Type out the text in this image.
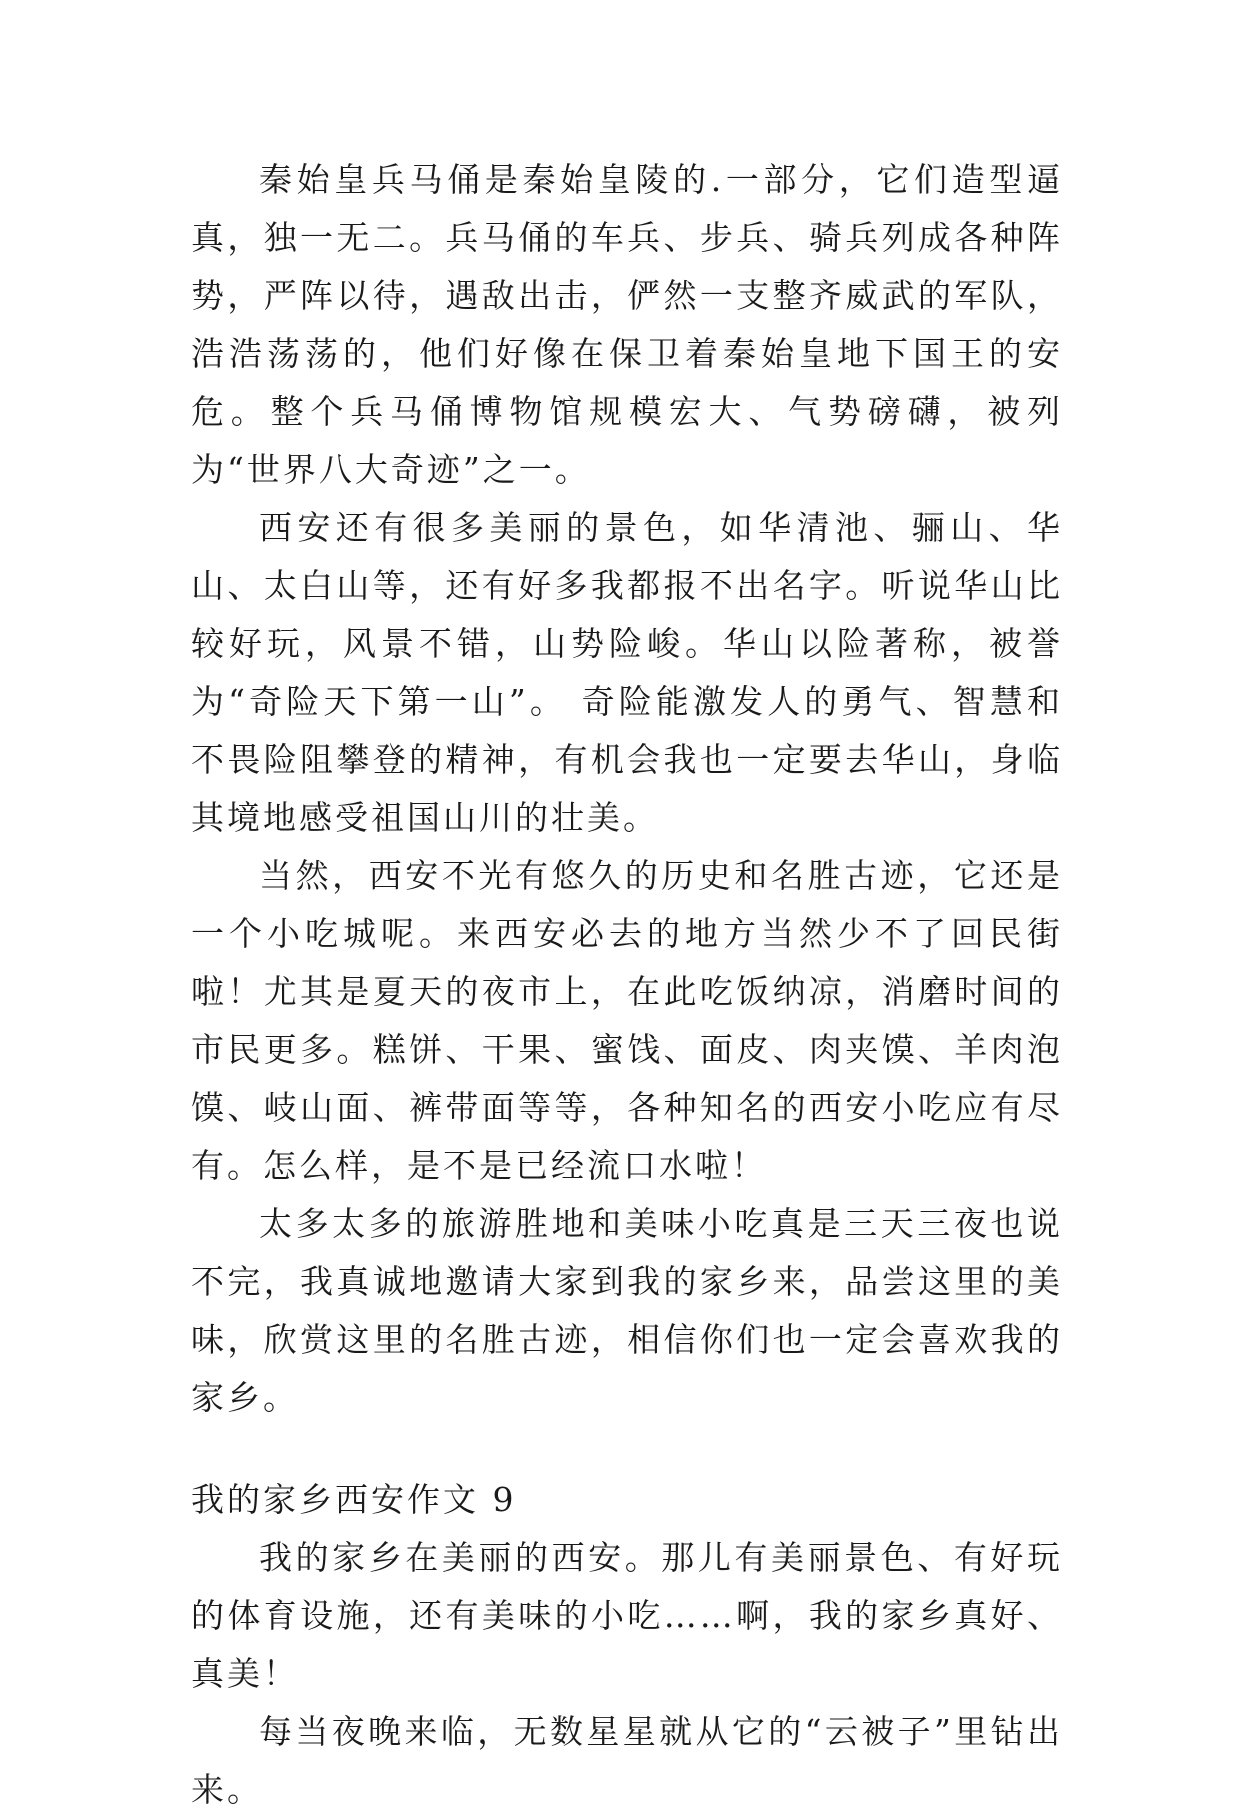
秦始皇兵马俑是秦始皇陵的.一部分，它们造型逼真，独一无二。兵马俑的车兵、步兵、骑兵列成各种阵势，严阵以待，遇敌出击，俨然一支整齐威武的军队，浩浩荡荡的，他们好像在保卫着秦始皇地下国王的安危。整个兵马俑博物馆规模宏大、气势磅礴，被列为“世界八大奇迹”之一。

西安还有很多美丽的景色，如华清池、骊山、华山、太白山等，还有好多我都报不出名字。听说华山比较好玩，风景不错，山势险峻。华山以险著称，被誉为“奇险天下第一山”。 奇险能激发人的勇气、智慧和不畏险阻攀登的精神，有机会我也一定要去华山，身临其境地感受祖国山川的壮美。

当然，西安不光有悠久的历史和名胜古迹，它还是一个小吃城呢。来西安必去的地方当然少不了回民街啦！尤其是夏天的夜市上，在此吃饭纳凉，消磨时间的市民更多。糕饼、干果、蜜饯、面皮、肉夹馍、羊肉泡馍、岐山面、裤带面等等，各种知名的西安小吃应有尽有。怎么样，是不是已经流口水啦！

太多太多的旅游胜地和美味小吃真是三天三夜也说不完，我真诚地邀请大家到我的家乡来，品尝这里的美味，欣赏这里的名胜古迹，相信你们也一定会喜欢我的家乡。

我的家乡西安作文 9

我的家乡在美丽的西安。那儿有美丽景色、有好玩的体育设施，还有美味的小吃……啊，我的家乡真好、真美！

每当夜晚来临，无数星星就从它的“云被子”里钻出来。
